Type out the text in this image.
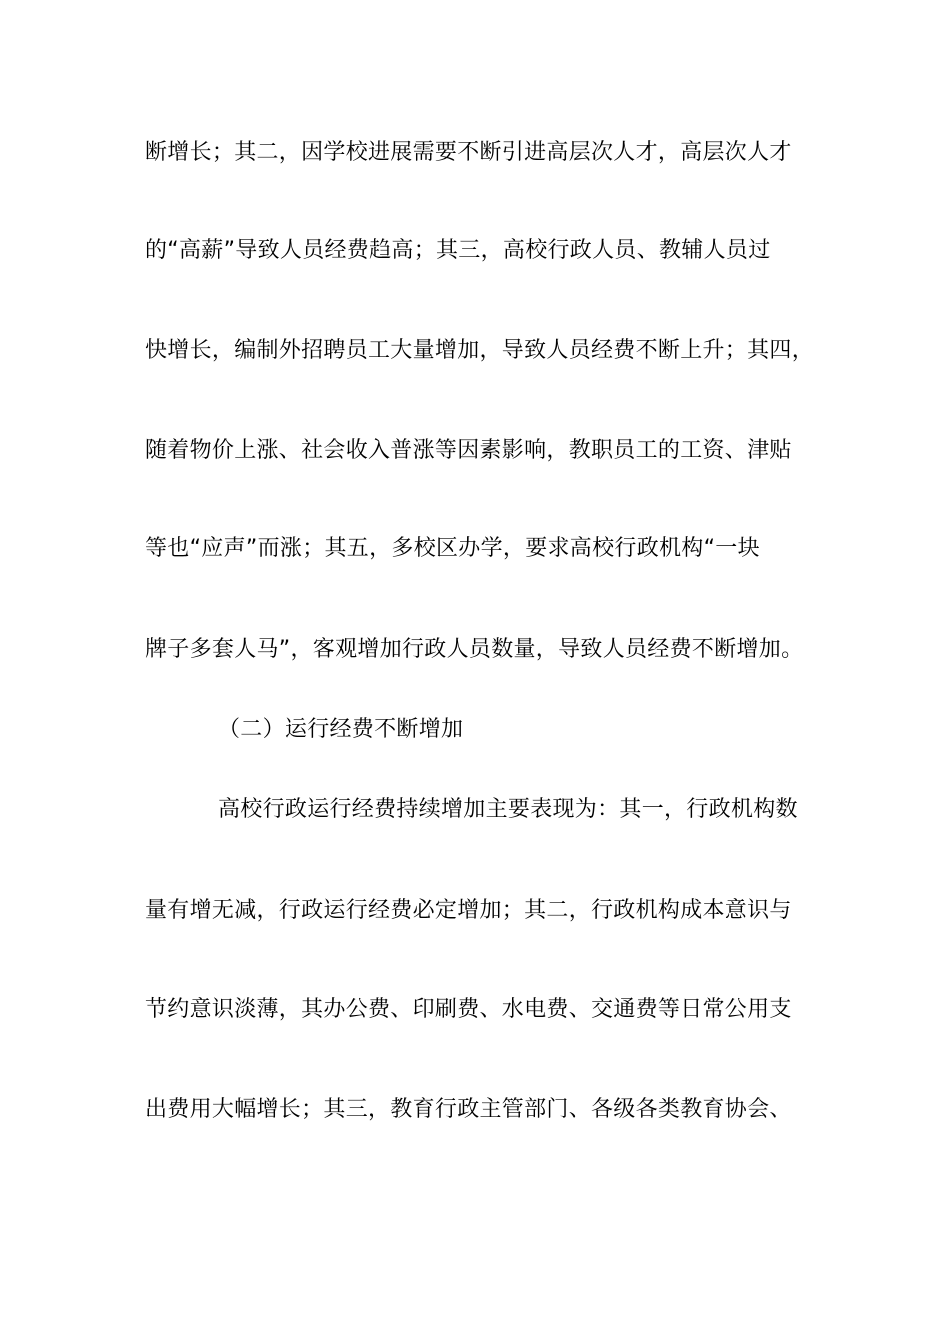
断增长；其二，因学校进展需要不断引进高层次人才，高层次人才
的“高薪”导致人员经费趋高；其三，高校行政人员、教辅人员过
快增长，编制外招聘员工大量增加，导致人员经费不断上升；其四，
随着物价上涨、社会收入普涨等因素影响，教职员工的工资、津贴
等也“应声”而涨；其五，多校区办学，要求高校行政机构“一块
牌子多套人马”，客观增加行政人员数量，导致人员经费不断增加。
（二）运行经费不断增加
高校行政运行经费持续增加主要表现为：其一，行政机构数
量有增无减，行政运行经费必定增加；其二，行政机构成本意识与
节约意识淡薄，其办公费、印刷费、水电费、交通费等日常公用支
出费用大幅增长；其三，教育行政主管部门、各级各类教育协会、
